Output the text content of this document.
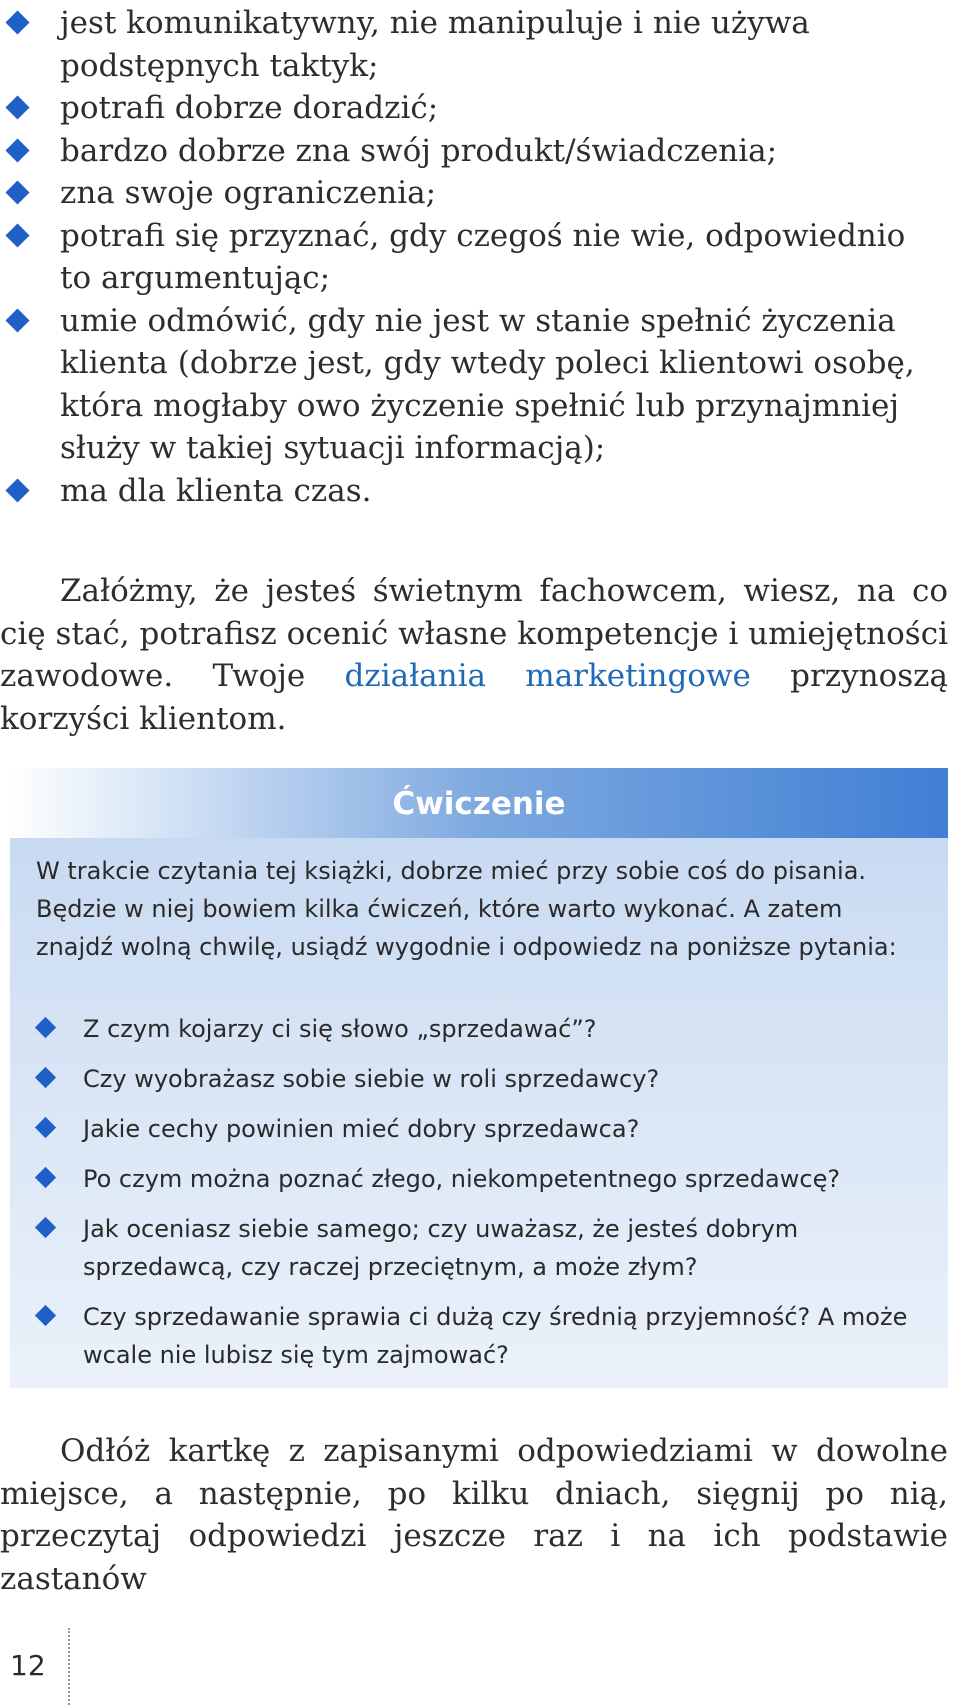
jest komunikatywny, nie manipuluje i nie używa podstępnych taktyk;
potrafi dobrze doradzić;
bardzo dobrze zna swój produkt/świadczenia;
zna swoje ograniczenia;
potrafi się przyznać, gdy czegoś nie wie, odpowiednio to argumentując;
umie odmówić, gdy nie jest w stanie spełnić życzenia klienta (dobrze jest, gdy wtedy poleci klientowi osobę, która mogłaby owo życzenie spełnić lub przynajmniej służy w takiej sytuacji informacją);
ma dla klienta czas.

Załóżmy, że jesteś świetnym fachowcem, wiesz, na co cię stać, potrafisz ocenić własne kompetencje i umiejętności zawodowe. Twoje działania marketingowe przynoszą korzyści klientom.

Ćwiczenie

W trakcie czytania tej książki, dobrze mieć przy sobie coś do pisania. Będzie w niej bowiem kilka ćwiczeń, które warto wykonać. A zatem znajdź wolną chwilę, usiądź wygodnie i odpowiedz na poniższe pytania:

Z czym kojarzy ci się słowo „sprzedawać”?
Czy wyobrażasz sobie siebie w roli sprzedawcy?
Jakie cechy powinien mieć dobry sprzedawca?
Po czym można poznać złego, niekompetentnego sprzedawcę?
Jak oceniasz siebie samego; czy uważasz, że jesteś dobrym sprzedawcą, czy raczej przeciętnym, a może złym?
Czy sprzedawanie sprawia ci dużą czy średnią przyjemność? A może wcale nie lubisz się tym zajmować?

Odłóż kartkę z zapisanymi odpowiedziami w dowolne miejsce, a następnie, po kilku dniach, sięgnij po nią, przeczytaj odpowiedzi jeszcze raz i na ich podstawie zastanów

12
